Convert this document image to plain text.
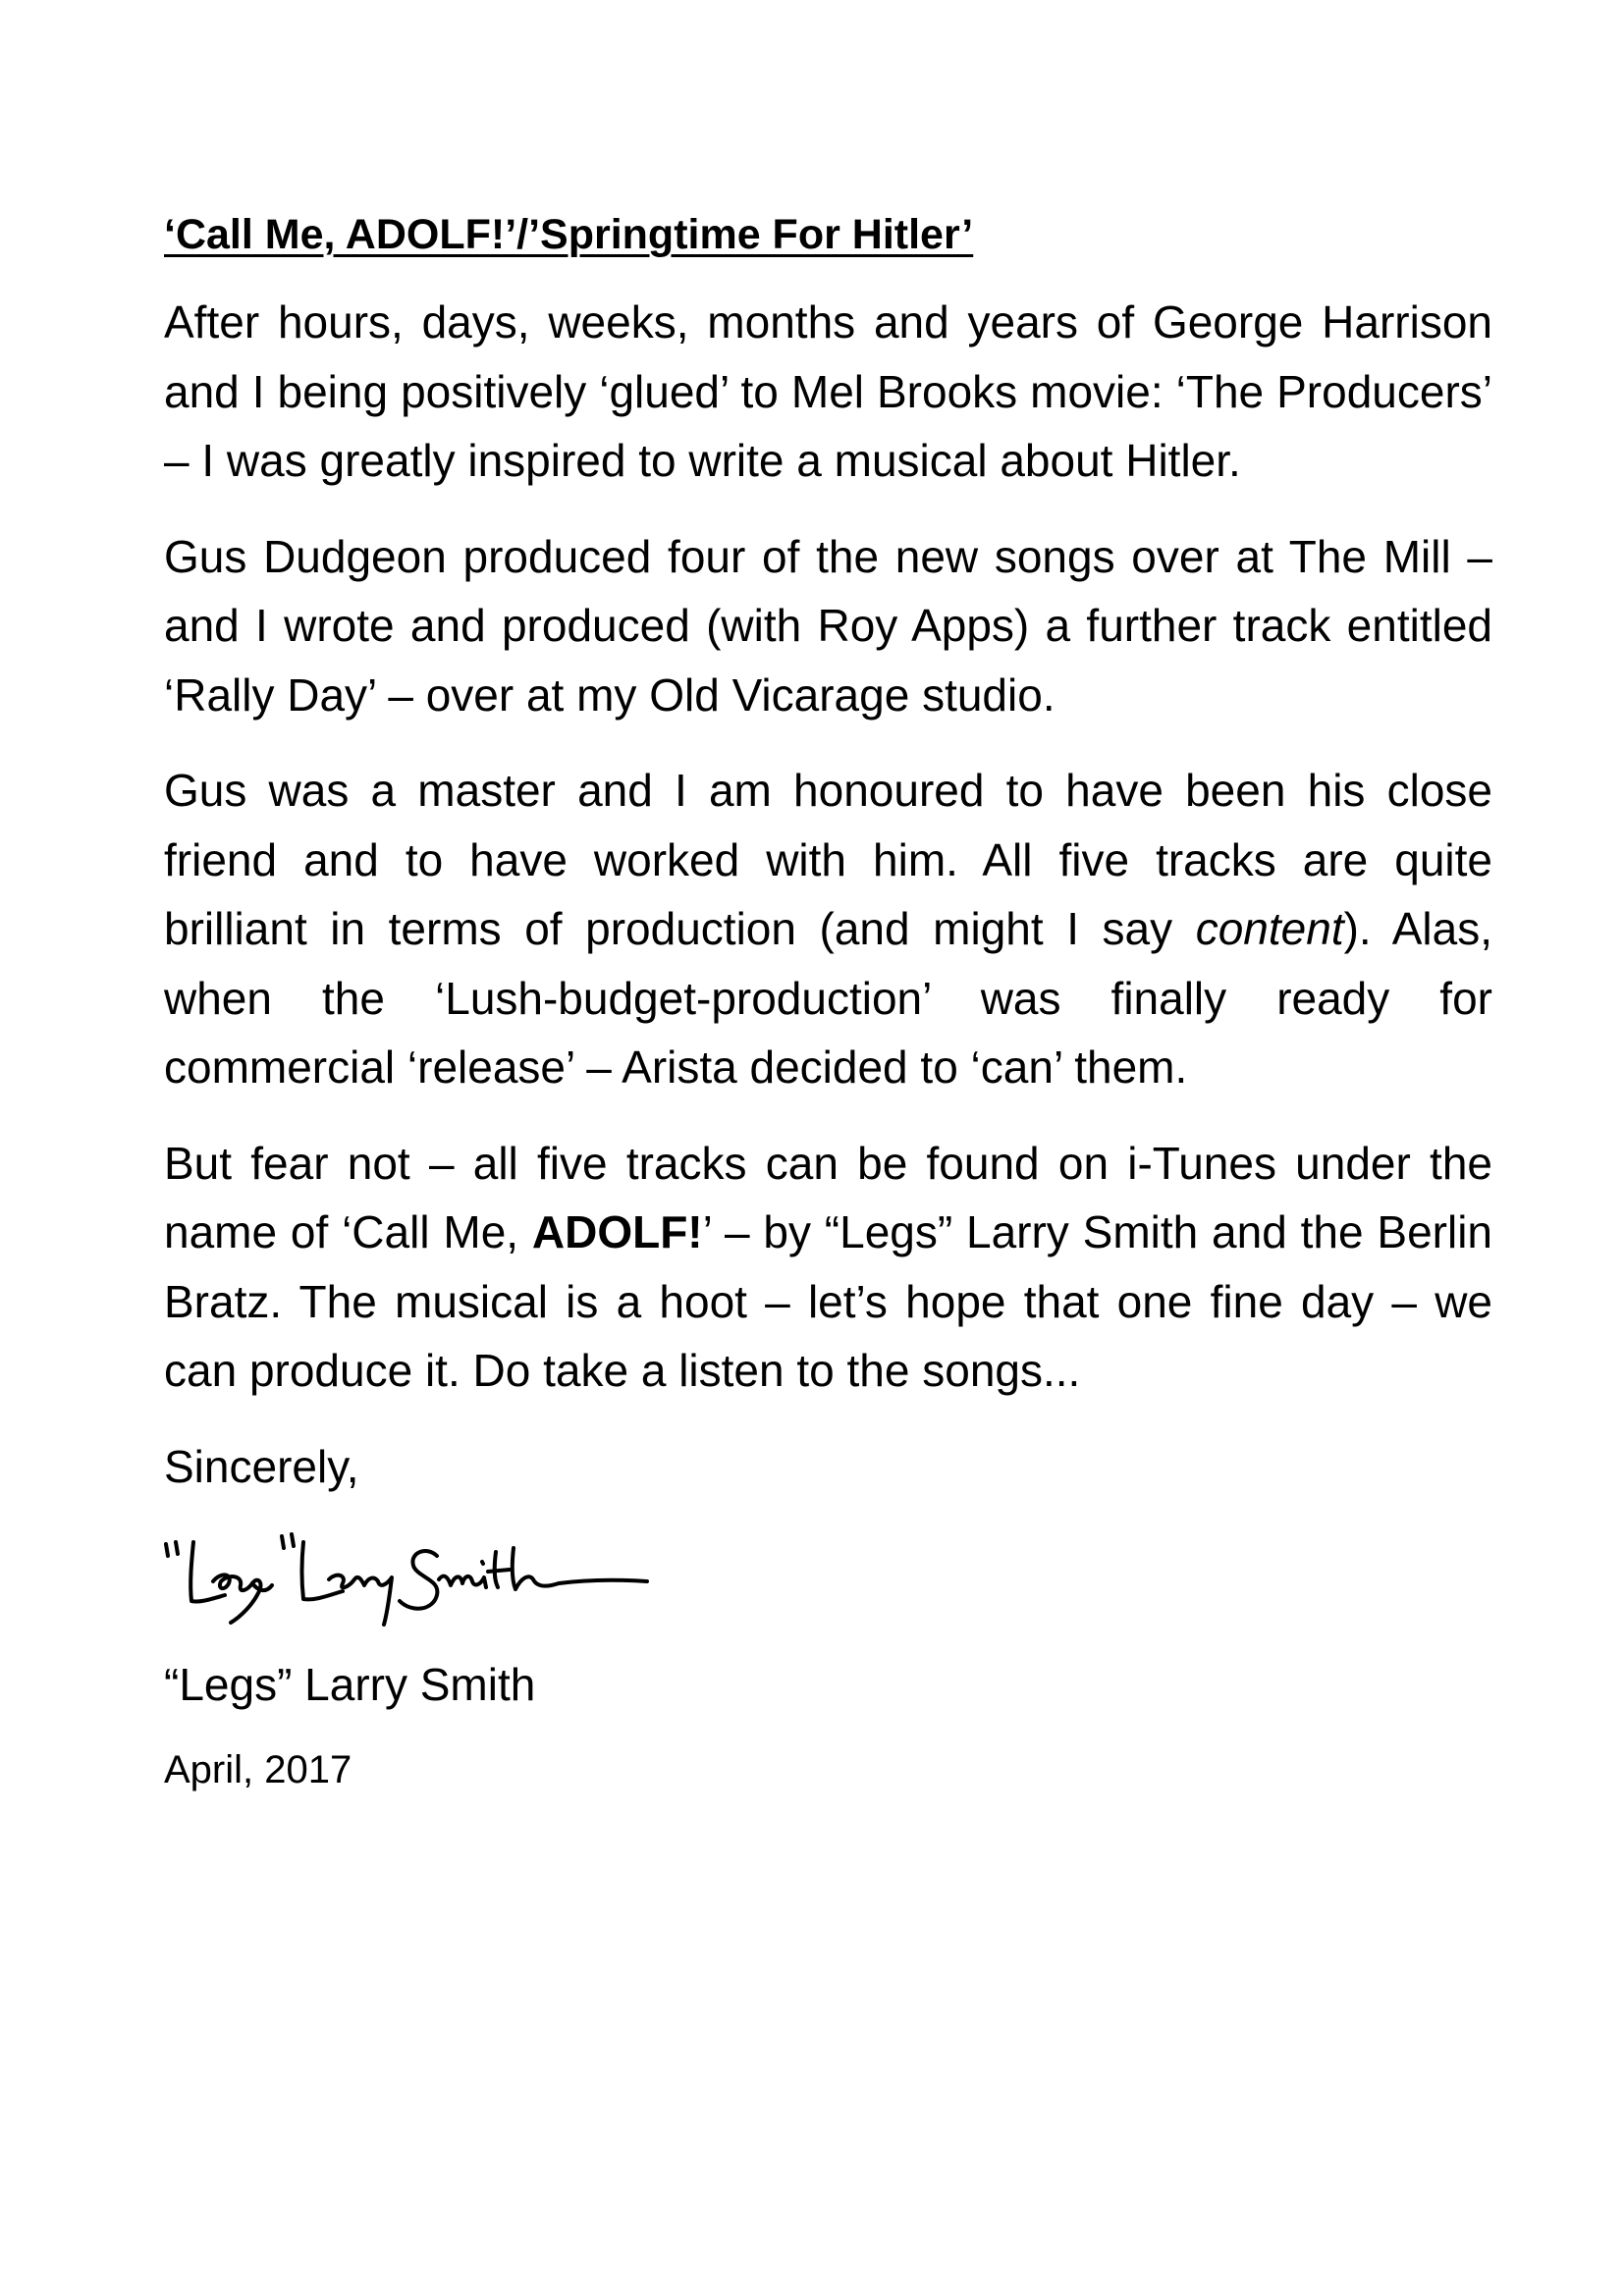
‘Call Me, ADOLF!’/’Springtime For Hitler’

After hours, days, weeks, months and years of George Harrison and I being positively ‘glued’ to Mel Brooks movie: ‘The Producers’ – I was greatly inspired to write a musical about Hitler.

Gus Dudgeon produced four of the new songs over at The Mill – and I wrote and produced (with Roy Apps) a further track entitled ‘Rally Day’ – over at my Old Vicarage studio.

Gus was a master and I am honoured to have been his close friend and to have worked with him. All five tracks are quite brilliant in terms of production (and might I say content). Alas, when the ‘Lush-budget-production’ was finally ready for commercial ‘release’ – Arista decided to ‘can’ them.

But fear not – all five tracks can be found on i-Tunes under the name of ‘Call Me, ADOLF!’ – by “Legs” Larry Smith and the Berlin Bratz. The musical is a hoot – let’s hope that one fine day – we can produce it. Do take a listen to the songs...

Sincerely,

“Legs” Larry Smith

April, 2017
